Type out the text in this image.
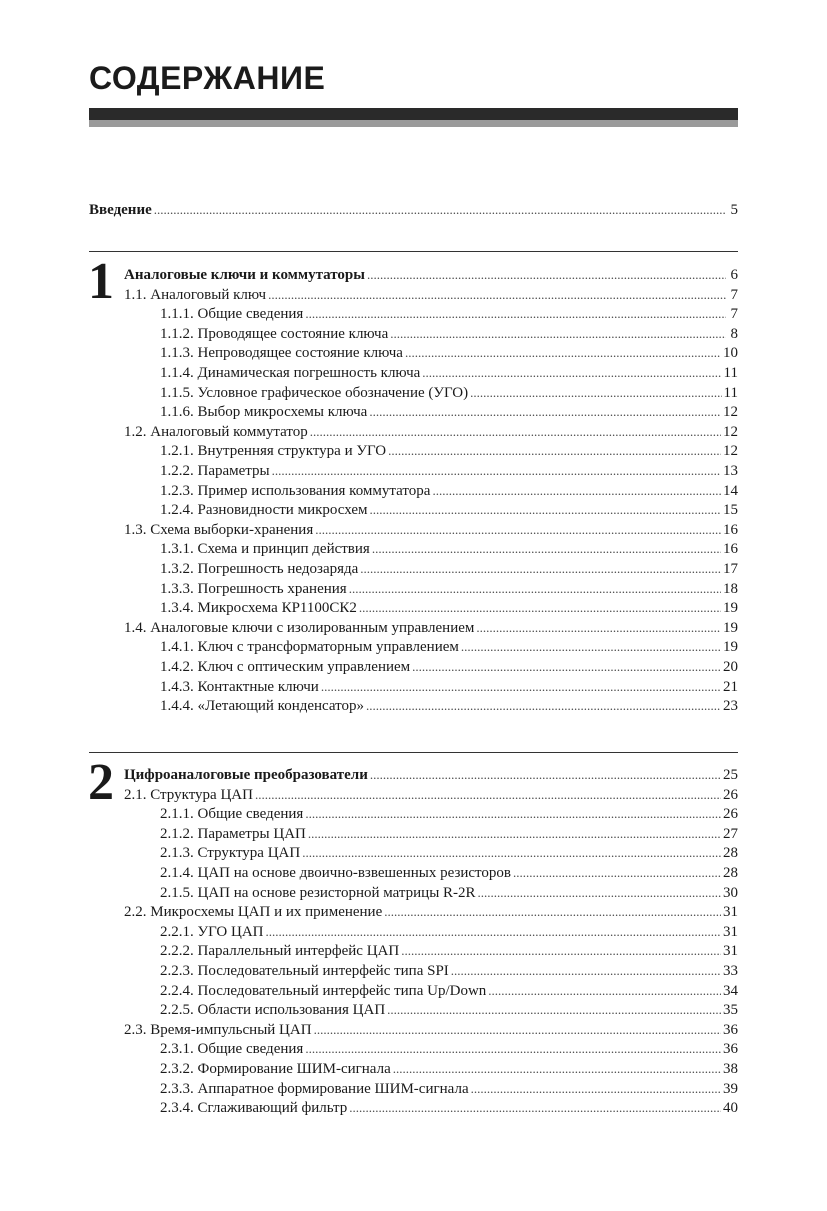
СОДЕРЖАНИЕ
Введение .....	5
1 Аналоговые ключи и коммутаторы .....	6
1.1. Аналоговый ключ .....	7
1.1.1. Общие сведения .....	7
1.1.2. Проводящее состояние ключа .....	8
1.1.3. Непроводящее состояние ключа .....	10
1.1.4. Динамическая погрешность ключа .....	11
1.1.5. Условное графическое обозначение (УГО) .....	11
1.1.6. Выбор микросхемы ключа .....	12
1.2. Аналоговый коммутатор .....	12
1.2.1. Внутренняя структура и УГО .....	12
1.2.2. Параметры .....	13
1.2.3. Пример использования коммутатора .....	14
1.2.4. Разновидности микросхем .....	15
1.3. Схема выборки-хранения .....	16
1.3.1. Схема и принцип действия .....	16
1.3.2. Погрешность недозаряда .....	17
1.3.3. Погрешность хранения .....	18
1.3.4. Микросхема КР1100СК2 .....	19
1.4. Аналоговые ключи с изолированным управлением .....	19
1.4.1. Ключ с трансформаторным управлением .....	19
1.4.2. Ключ с оптическим управлением .....	20
1.4.3. Контактные ключи .....	21
1.4.4. «Летающий конденсатор» .....	23
2 Цифроаналоговые преобразователи .....	25
2.1. Структура ЦАП .....	26
2.1.1. Общие сведения .....	26
2.1.2. Параметры ЦАП .....	27
2.1.3. Структура ЦАП .....	28
2.1.4. ЦАП на основе двоично-взвешенных резисторов .....	28
2.1.5. ЦАП на основе резисторной матрицы R-2R .....	30
2.2. Микросхемы ЦАП и их применение .....	31
2.2.1. УГО ЦАП .....	31
2.2.2. Параллельный интерфейс ЦАП .....	31
2.2.3. Последовательный интерфейс типа SPI .....	33
2.2.4. Последовательный интерфейс типа Up/Down .....	34
2.2.5. Области использования ЦАП .....	35
2.3. Время-импульсный ЦАП .....	36
2.3.1. Общие сведения .....	36
2.3.2. Формирование ШИМ-сигнала .....	38
2.3.3. Аппаратное формирование ШИМ-сигнала .....	39
2.3.4. Сглаживающий фильтр .....	40
